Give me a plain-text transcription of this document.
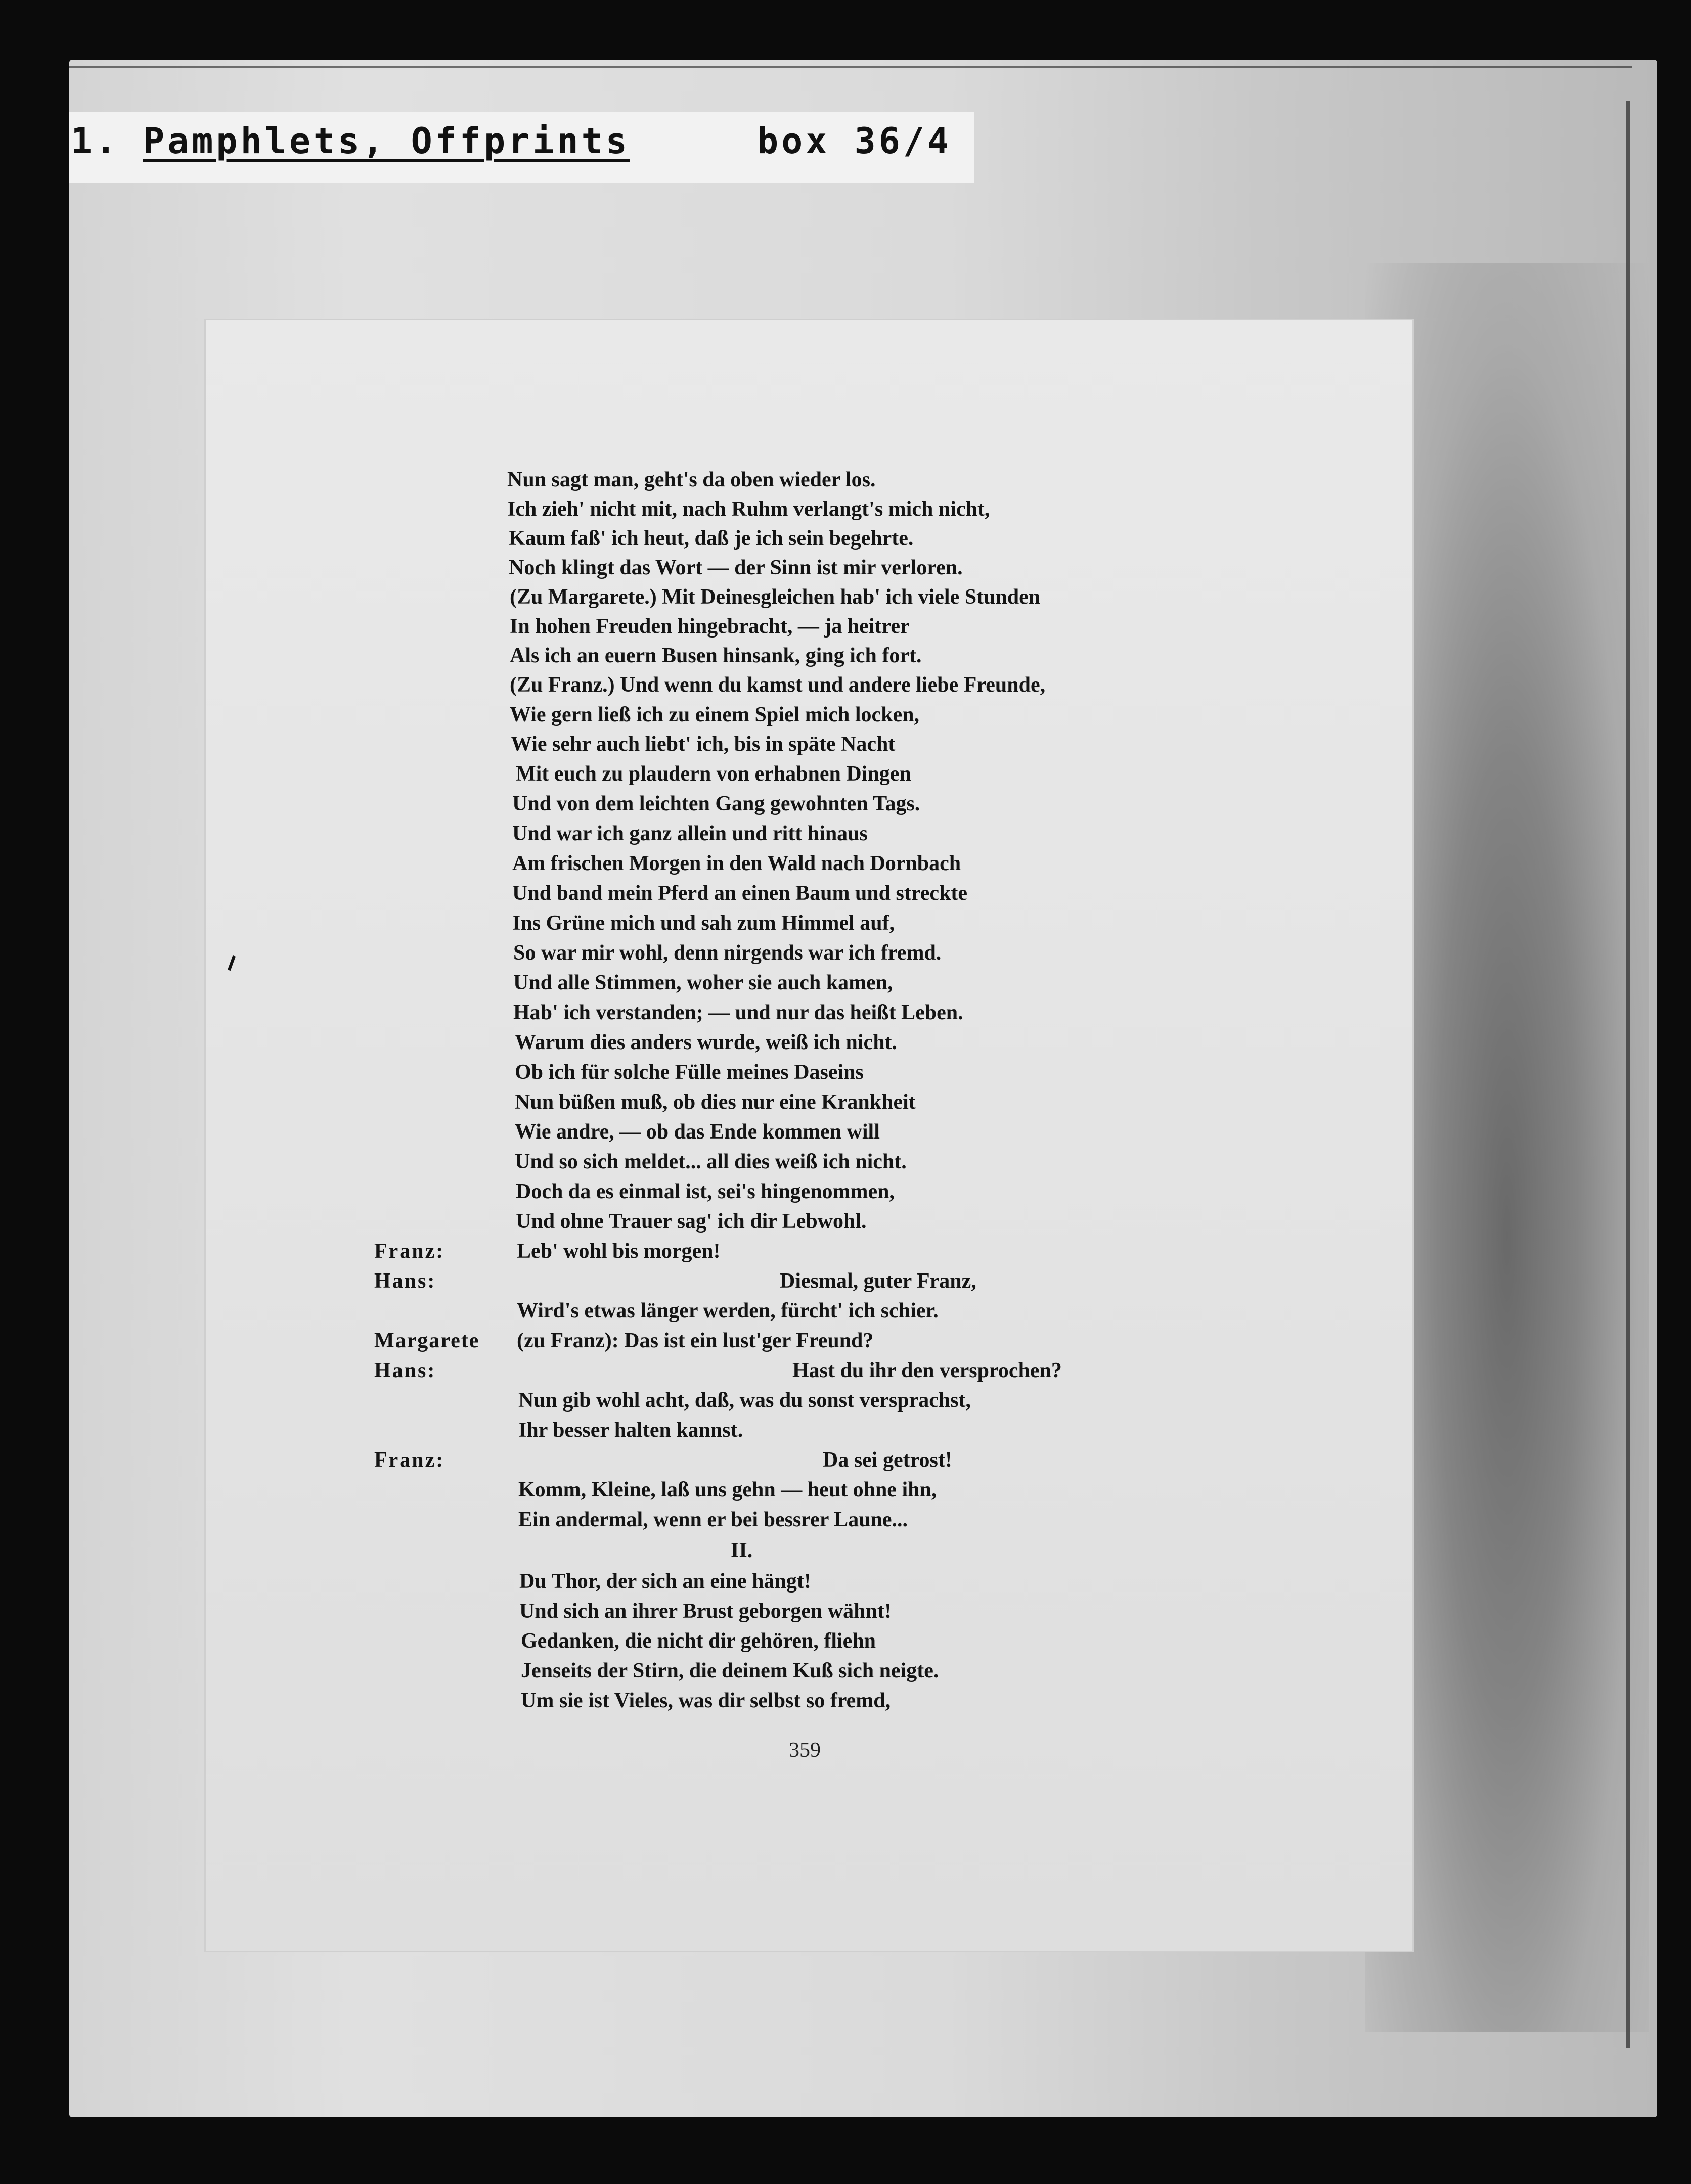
1. Pamphlets, Offprints	box 36/4
Nun sagt man, geht's da oben wieder los.
Ich zieh' nicht mit, nach Ruhm verlangt's mich nicht,
Kaum faß' ich heut, daß je ich sein begehrte.
Noch klingt das Wort — der Sinn ist mir verloren.
(Zu Margarete.) Mit Deinesgleichen hab' ich viele Stunden
In hohen Freuden hingebracht, — ja heitrer
Als ich an euern Busen hinsank, ging ich fort.
(Zu Franz.) Und wenn du kamst und andere liebe Freunde,
Wie gern ließ ich zu einem Spiel mich locken,
Wie sehr auch liebt' ich, bis in späte Nacht
Mit euch zu plaudern von erhabnen Dingen
Und von dem leichten Gang gewohnten Tags.
Und war ich ganz allein und ritt hinaus
Am frischen Morgen in den Wald nach Dornbach
Und band mein Pferd an einen Baum und streckte
Ins Grüne mich und sah zum Himmel auf,
So war mir wohl, denn nirgends war ich fremd.
Und alle Stimmen, woher sie auch kamen,
Hab' ich verstanden; — und nur das heißt Leben.
Warum dies anders wurde, weiß ich nicht.
Ob ich für solche Fülle meines Daseins
Nun büßen muß, ob dies nur eine Krankheit
Wie andre, — ob das Ende kommen will
Und so sich meldet... all dies weiß ich nicht.
Doch da es einmal ist, sei's hingenommen,
Und ohne Trauer sag' ich dir Lebwohl.
Franz:	Leb' wohl bis morgen!
Hans:	Diesmal, guter Franz,
Wird's etwas länger werden, fürcht' ich schier.
Margarete (zu Franz): Das ist ein lust'ger Freund?
Hans:	Hast du ihr den versprochen?
Nun gib wohl acht, daß, was du sonst versprachst,
Ihr besser halten kannst.
Franz:	Da sei getrost!
Komm, Kleine, laß uns gehn — heut ohne ihn,
Ein andermal, wenn er bei bessrer Laune...
II.
Du Thor, der sich an eine hängt!
Und sich an ihrer Brust geborgen wähnt!
Gedanken, die nicht dir gehören, fliehn
Jenseits der Stirn, die deinem Kuß sich neigte.
Um sie ist Vieles, was dir selbst so fremd,
359
